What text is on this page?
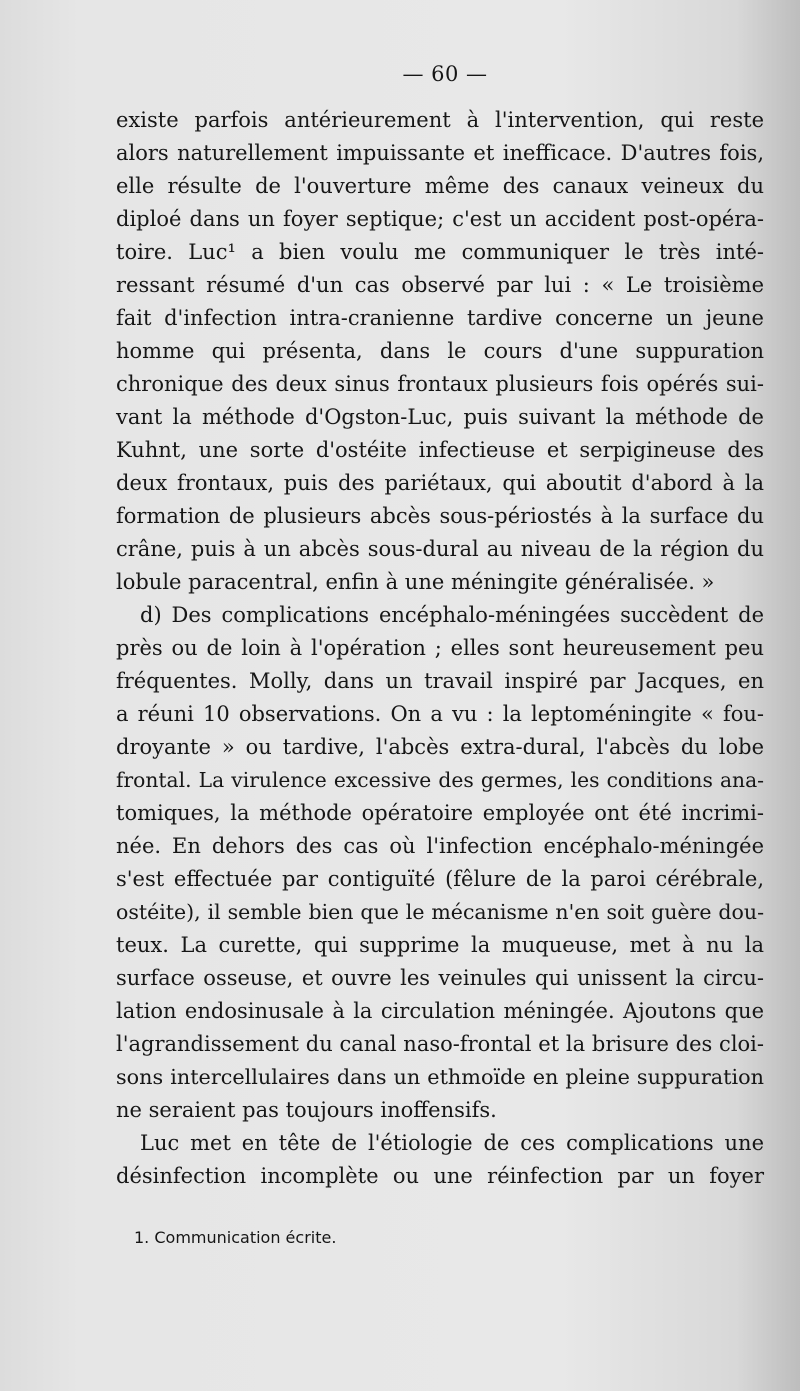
— 60 —
existe parfois antérieurement à l'intervention, qui reste
alors naturellement impuissante et inefficace. D'autres fois,
elle résulte de l'ouverture même des canaux veineux du
diploé dans un foyer septique; c'est un accident post-opéra-
toire. Luc¹ a bien voulu me communiquer le très inté-
ressant résumé d'un cas observé par lui : « Le troisième
fait d'infection intra-cranienne tardive concerne un jeune
homme qui présenta, dans le cours d'une suppuration
chronique des deux sinus frontaux plusieurs fois opérés sui-
vant la méthode d'Ogston-Luc, puis suivant la méthode de
Kuhnt, une sorte d'ostéite infectieuse et serpigineuse des
deux frontaux, puis des pariétaux, qui aboutit d'abord à la
formation de plusieurs abcès sous-périostés à la surface du
crâne, puis à un abcès sous-dural au niveau de la région du
lobule paracentral, enfin à une méningite généralisée. »
d) Des complications encéphalo-méningées succèdent de
près ou de loin à l'opération ; elles sont heureusement peu
fréquentes. Molly, dans un travail inspiré par Jacques, en
a réuni 10 observations. On a vu : la leptoméningite « fou-
droyante » ou tardive, l'abcès extra-dural, l'abcès du lobe
frontal. La virulence excessive des germes, les conditions ana-
tomiques, la méthode opératoire employée ont été incrimi-
née. En dehors des cas où l'infection encéphalo-méningée
s'est effectuée par contiguïté (fêlure de la paroi cérébrale,
ostéite), il semble bien que le mécanisme n'en soit guère dou-
teux. La curette, qui supprime la muqueuse, met à nu la
surface osseuse, et ouvre les veinules qui unissent la circu-
lation endosinusale à la circulation méningée. Ajoutons que
l'agrandissement du canal naso-frontal et la brisure des cloi-
sons intercellulaires dans un ethmoïde en pleine suppuration
ne seraient pas toujours inoffensifs.
Luc met en tête de l'étiologie de ces complications une
désinfection incomplète ou une réinfection par un foyer
1. Communication écrite.
